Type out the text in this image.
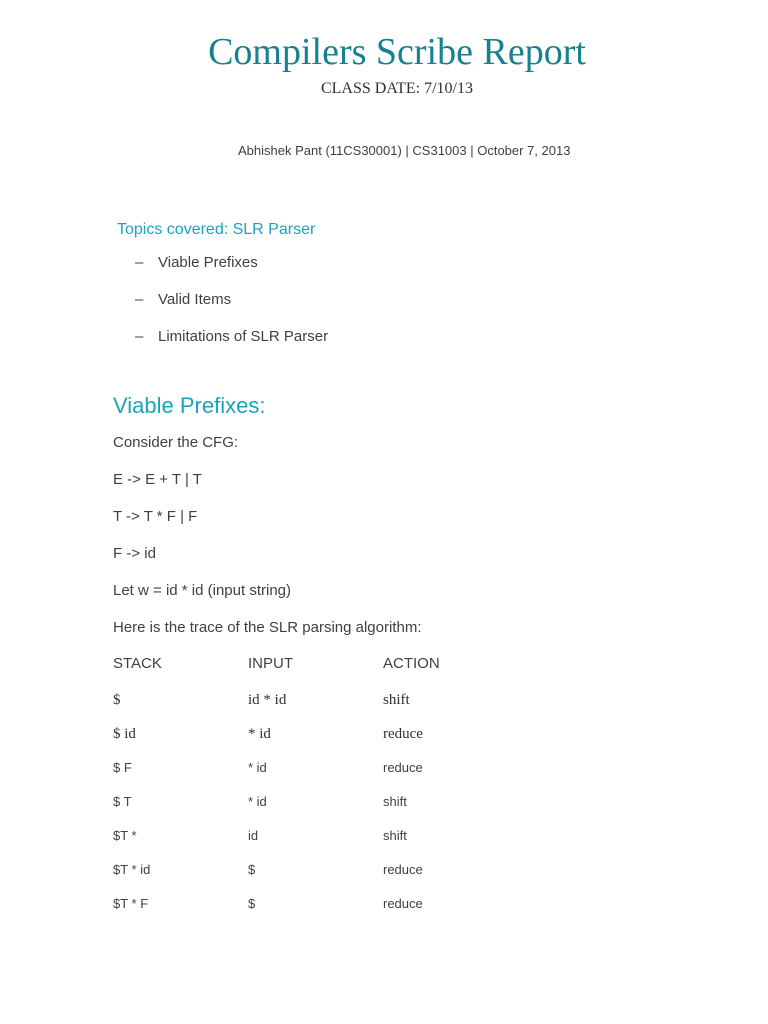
Compilers Scribe Report
CLASS DATE: 7/10/13
Abhishek Pant (11CS30001) | CS31003 | October 7, 2013
Topics covered: SLR Parser
– Viable Prefixes
– Valid Items
– Limitations of SLR Parser
Viable Prefixes:
Consider the CFG:
E -> E + T | T
T -> T * F | F
F -> id
Let w = id * id (input string)
Here is the trace of the SLR parsing algorithm:
STACK	INPUT	ACTION
$	id * id	shift
$ id	* id	reduce
$ F	* id	reduce
$ T	* id	shift
$T *	id	shift
$T * id	$	reduce
$T * F	$	reduce
